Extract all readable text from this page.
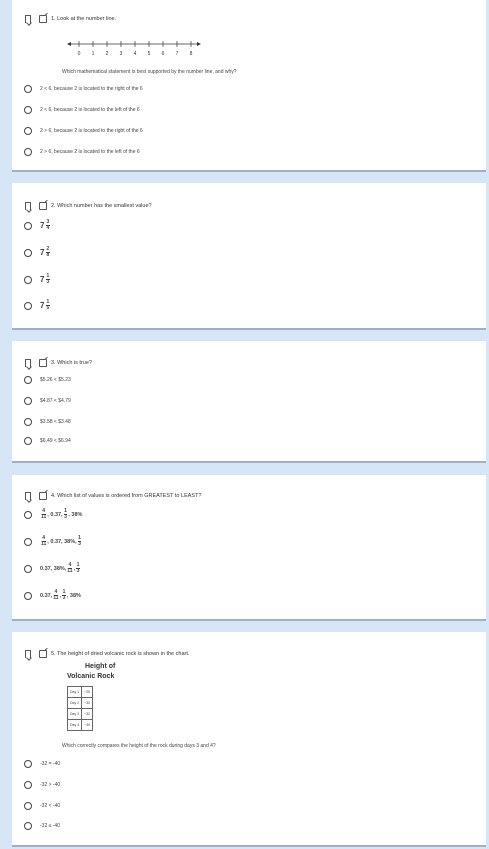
1. Look at the number line.
0 1 2 3 4 5 6 7 8
Which mathematical statement is best supported by the number line, and why?
2 < 6, because 2 is located to the right of the 6
2 < 6, because 2 is located to the left of the 6
2 > 6, because 2 is located to the right of the 6
2 > 6, because 2 is located to the left of the 6
2. Which number has the smallest value?
$7 \frac{3}{4}$
$7 \frac{2}{8}$
$7 \frac{1}{3}$
$7 \frac{1}{5}$
3. Which is true?
$5.26 < $5.23
$4.87 < $4.79
$3.58 < $3.48
$6.49 < $6.94
4. Which list of values is ordered from GREATEST to LEAST?
$\frac{4}{11}$ , 0.37, $\frac{1}{3}$ , 38%
$\frac{4}{11}$ , 0.37, 38%, $\frac{1}{3}$
0.37, 38%, $\frac{4}{11}$ , $\frac{1}{3}$
0.37, $\frac{4}{11}$ , $\frac{1}{3}$ , 38%
5. The height of dried volcanic rock is shown in the chart.
Height of
Volcanic Rock
Day 1	−25
Day 2	−30
Day 3	−32
Day 4	−40
Which correctly compares the height of the rock during days 3 and 4?
-32 = -40
-32 > -40
-32 < -40
-32 ≤ -40
